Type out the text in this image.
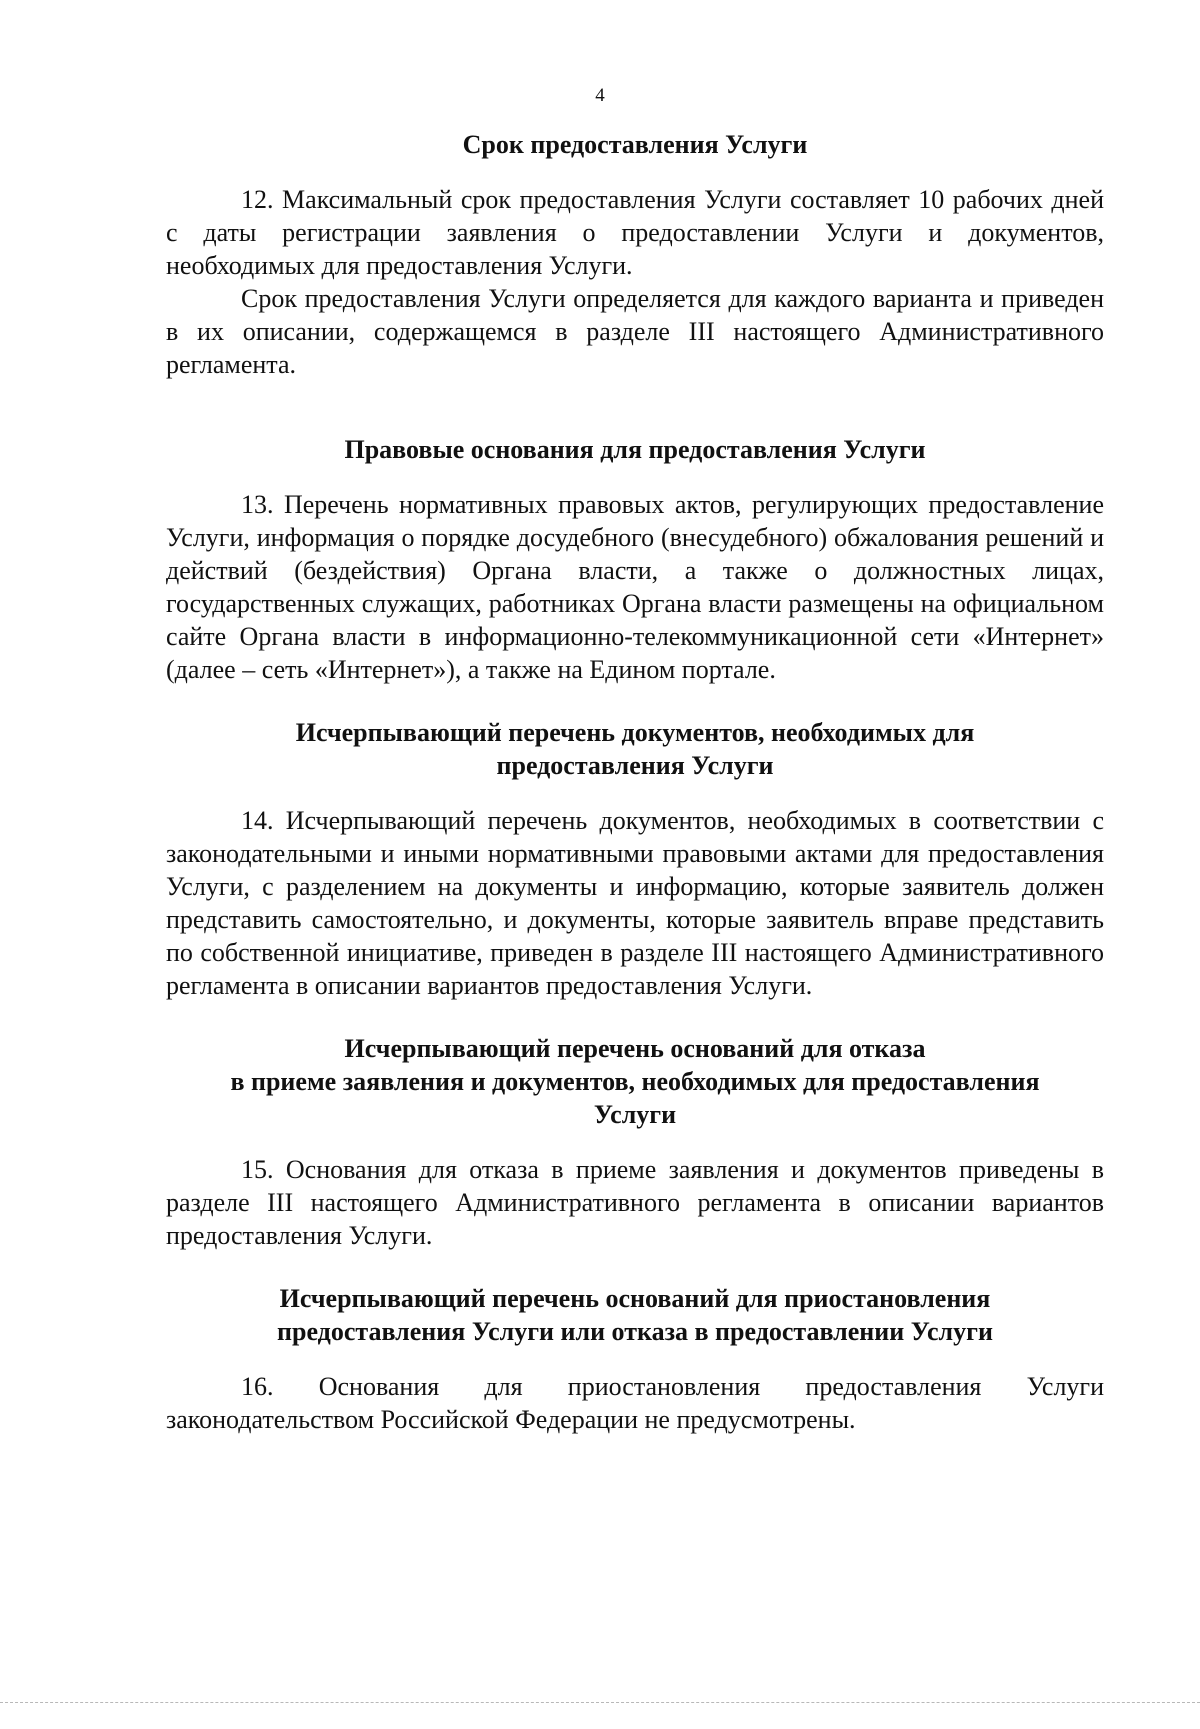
4
Срок предоставления Услуги

12. Максимальный срок предоставления Услуги составляет 10 рабочих дней с даты регистрации заявления о предоставлении Услуги и документов, необходимых для предоставления Услуги.

Срок предоставления Услуги определяется для каждого варианта и приведен в их описании, содержащемся в разделе III настоящего Административного регламента.

Правовые основания для предоставления Услуги

13. Перечень нормативных правовых актов, регулирующих предоставление Услуги, информация о порядке досудебного (внесудебного) обжалования решений и действий (бездействия) Органа власти, а также о должностных лицах, государственных служащих, работниках Органа власти размещены на официальном сайте Органа власти в информационно-телекоммуникационной сети «Интернет» (далее – сеть «Интернет»), а также на Едином портале.

Исчерпывающий перечень документов, необходимых для
предоставления Услуги

14. Исчерпывающий перечень документов, необходимых в соответствии с законодательными и иными нормативными правовыми актами для предоставления Услуги, с разделением на документы и информацию, которые заявитель должен представить самостоятельно, и документы, которые заявитель вправе представить по собственной инициативе, приведен в разделе III настоящего Административного регламента в описании вариантов предоставления Услуги.

Исчерпывающий перечень оснований для отказа
в приеме заявления и документов, необходимых для предоставления
Услуги

15. Основания для отказа в приеме заявления и документов приведены в разделе III настоящего Административного регламента в описании вариантов предоставления Услуги.

Исчерпывающий перечень оснований для приостановления
предоставления Услуги или отказа в предоставлении Услуги

16. Основания для приостановления предоставления Услуги законодательством Российской Федерации не предусмотрены.
